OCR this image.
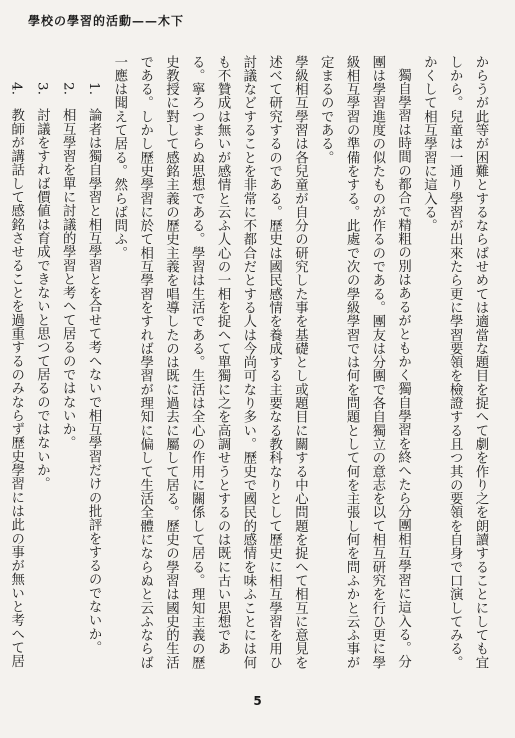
學校の學習的活動——木下

からうが此等が困難とするならばせめては適當な題目を捉へて劇を作り之を朗讀することにしても宜しから。兒童は一通り學習が出來たら更に學習要領を檢證する且つ其の要領を自身で口演してみる。かくして相互學習に這入る。

獨自學習は時間の都合で精粗の別はあるがともかく獨自學習を終へたら分團相互學習に這入る。分團は學習進度の似たものが作るのである。團友は分團で各自獨立の意志を以て相互研究を行ひ更に學級相互學習の準備をする。此處で次の學級學習では何を問題として何を主張し何を問ふかと云ふ事が定まるのである。

學級相互學習は各兒童が自分の研究した事を基礎とし或題目に關する中心問題を捉へて相互に意見を述べて研究するのである。歷史は國民感情を養成する主要なる教科なりとして歷史に相互學習を用ひ討議などすることを非常に不都合だとする人は今尚可なり多い。歷史で國民的感情を味ふことには何も不贊成は無いが感情と云ふ人心の一相を捉へて單獨に之を高調せうとするのは既に古い思想である。寧ろつまらぬ思想である。學習は生活である。生活は全心の作用に關係して居る。理知主義の歷史教授に對して感銘主義の歷史主義を唱導したのは既に過去に屬して居る。歷史の學習は國史的生活である。しかし歷史學習に於て相互學習をすれば學習が理知に偏して生活全體にならぬと云ふならば一應は聞えて居る。然らば問ふ。

1.　論者は獨自學習と相互學習とを合せて考へないで相互學習だけの批評をするのでないか。

2.　相互學習を單に討議的學習と考へて居るのではないか。

3.　討議をすれば價値は育成できないと思つて居るのではないか。

4.　教師が講話して感銘させることを過重するのみならず歷史學習には此の事が無いと考へて居

5
